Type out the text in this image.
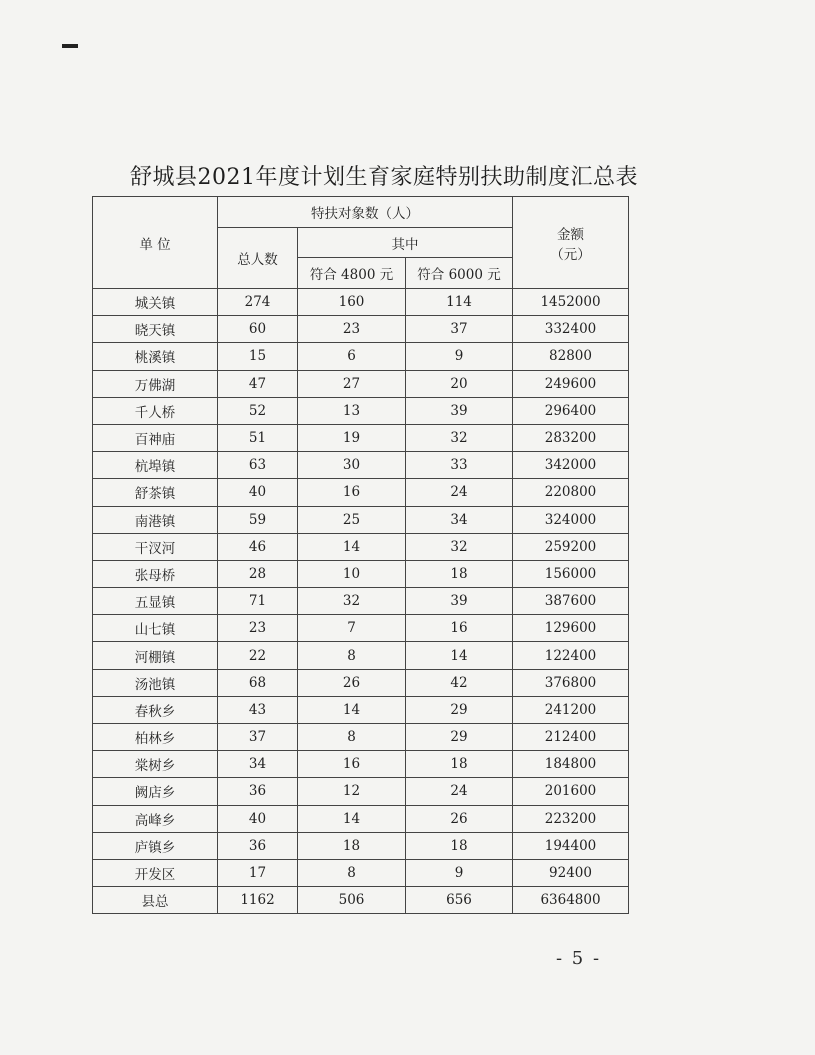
舒城县2021年度计划生育家庭特别扶助制度汇总表
单 位	特扶对象数（人）			金额
（元）

	总人数	其中		
		符合 4800 元	符合 6000 元	
城关镇	274	160	114	1452000
晓天镇	60	23	37	332400
桃溪镇	15	6	9	82800
万佛湖	47	27	20	249600
千人桥	52	13	39	296400
百神庙	51	19	32	283200
杭埠镇	63	30	33	342000
舒茶镇	40	16	24	220800
南港镇	59	25	34	324000
干汊河	46	14	32	259200
张母桥	28	10	18	156000
五显镇	71	32	39	387600
山七镇	23	7	16	129600
河棚镇	22	8	14	122400
汤池镇	68	26	42	376800
春秋乡	43	14	29	241200
柏林乡	37	8	29	212400
棠树乡	34	16	18	184800
阙店乡	36	12	24	201600
高峰乡	40	14	26	223200
庐镇乡	36	18	18	194400
开发区	17	8	9	92400
县总	1162	506	656	6364800
- 5 -
